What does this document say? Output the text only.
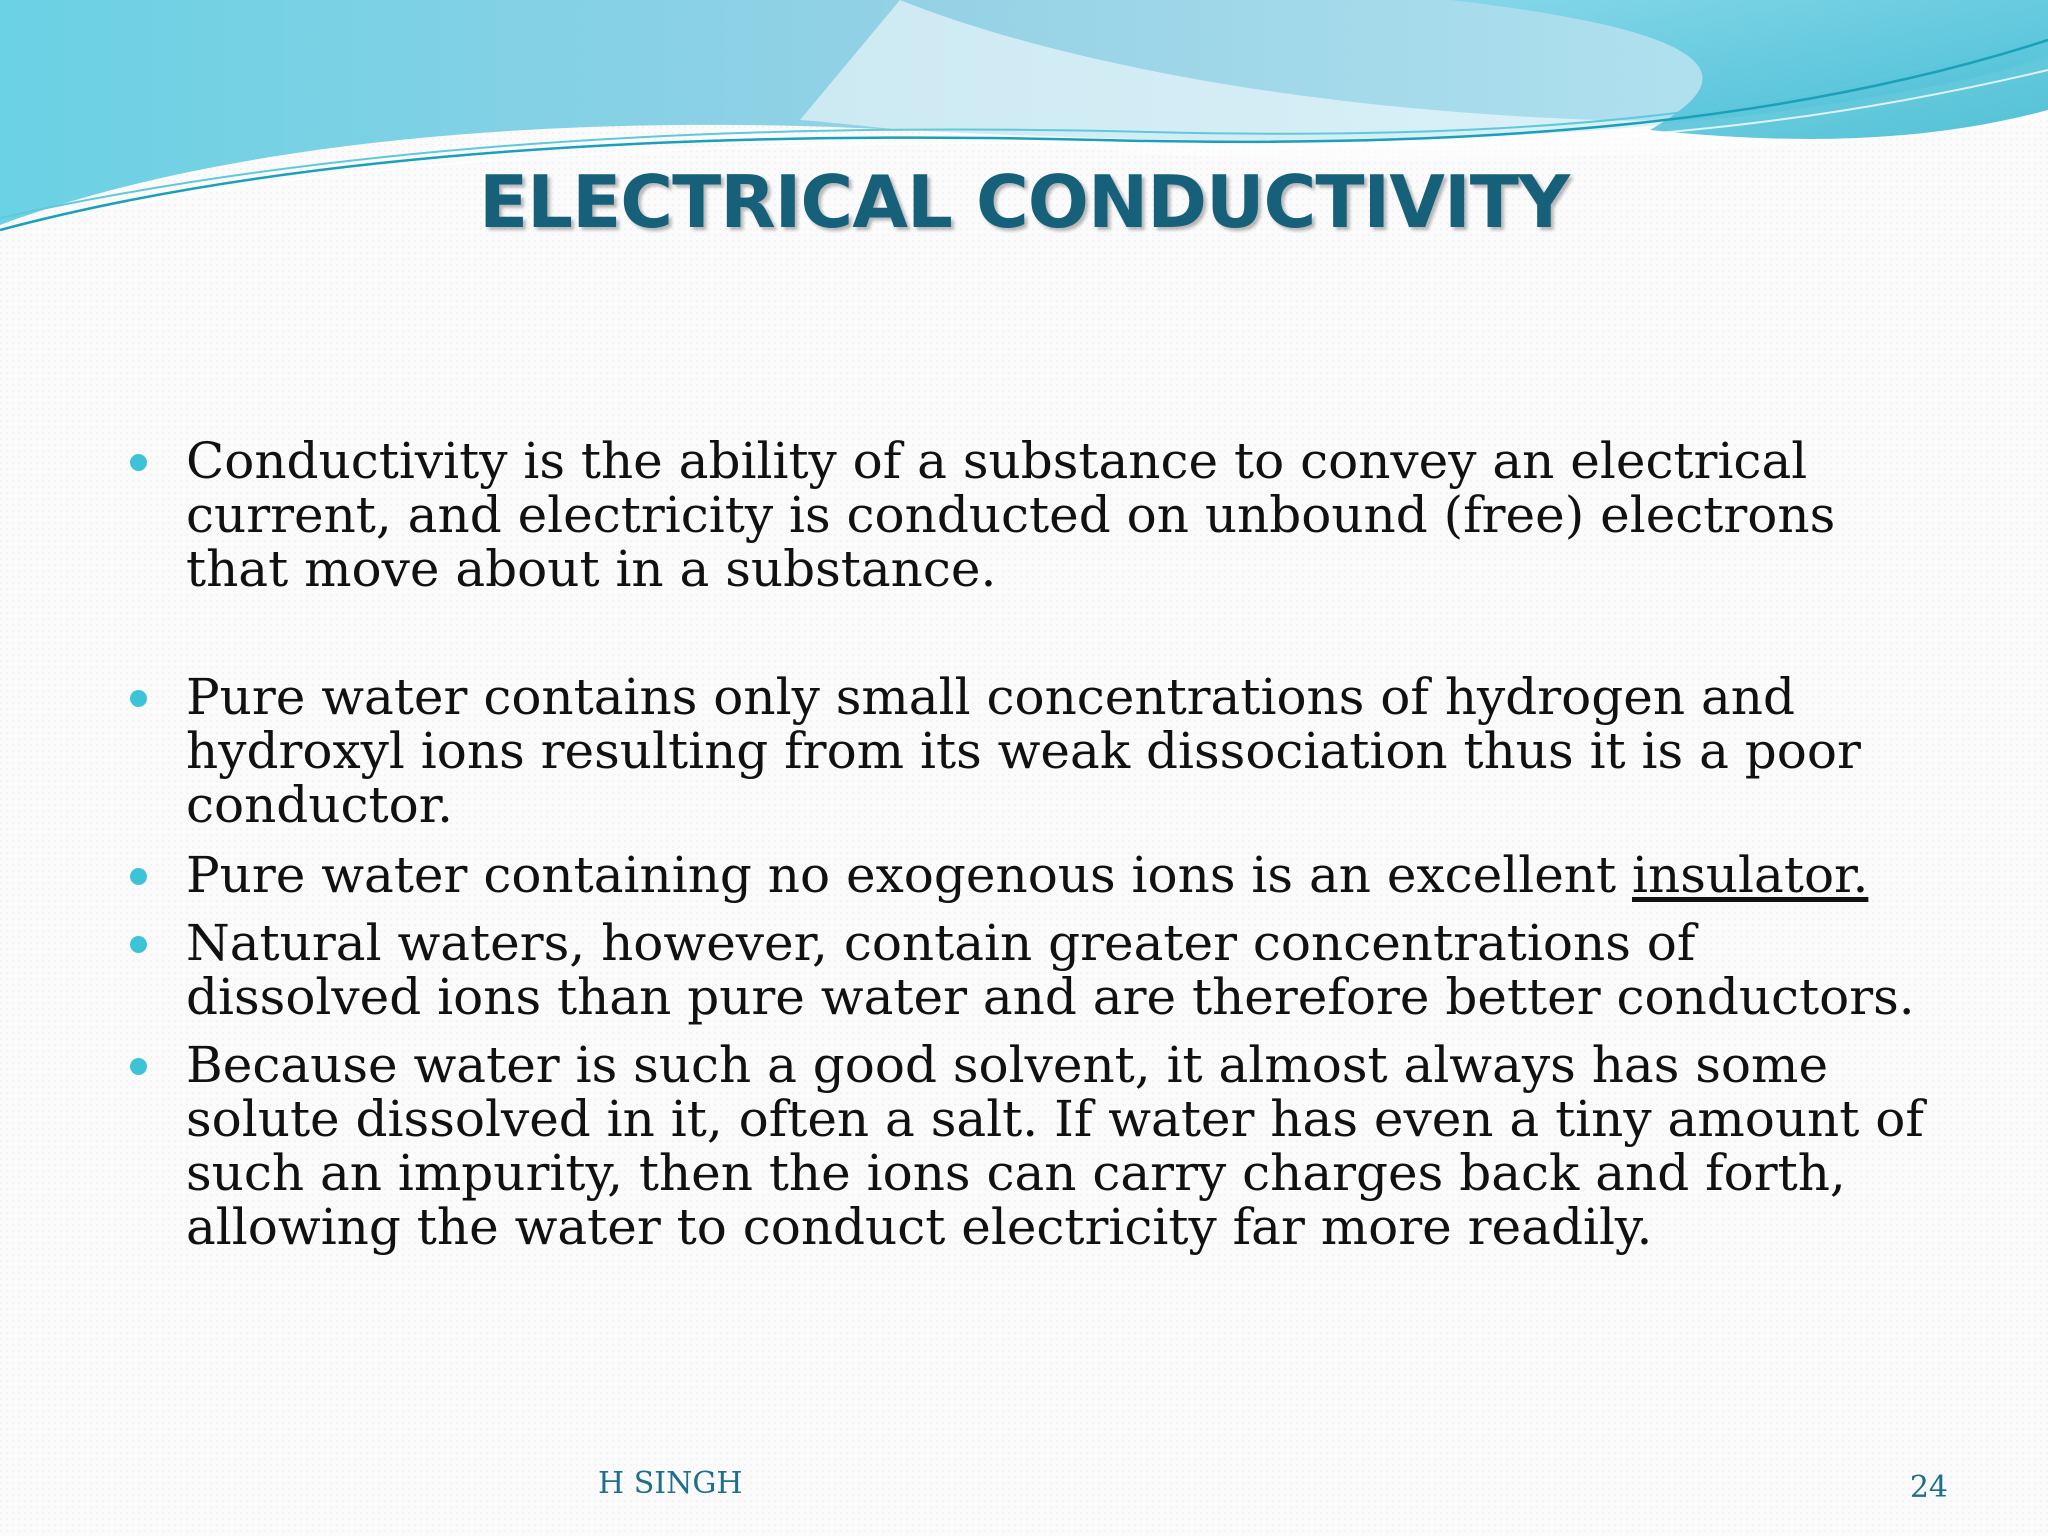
ELECTRICAL CONDUCTIVITY
Conductivity is the ability of a substance to convey an electrical current, and electricity is conducted on unbound (free) electrons that move about in a substance.
Pure water contains only small concentrations of hydrogen and hydroxyl ions resulting from its weak dissociation thus it is a poor conductor.
Pure water containing no exogenous ions is an excellent insulator.
Natural waters, however, contain greater concentrations of dissolved ions than pure water and are therefore better conductors.
Because water is such a good solvent, it almost always has some solute dissolved in it, often a salt. If water has even a tiny amount of such an impurity, then the ions can carry charges back and forth, allowing the water to conduct electricity far more readily.
H SINGH	24
